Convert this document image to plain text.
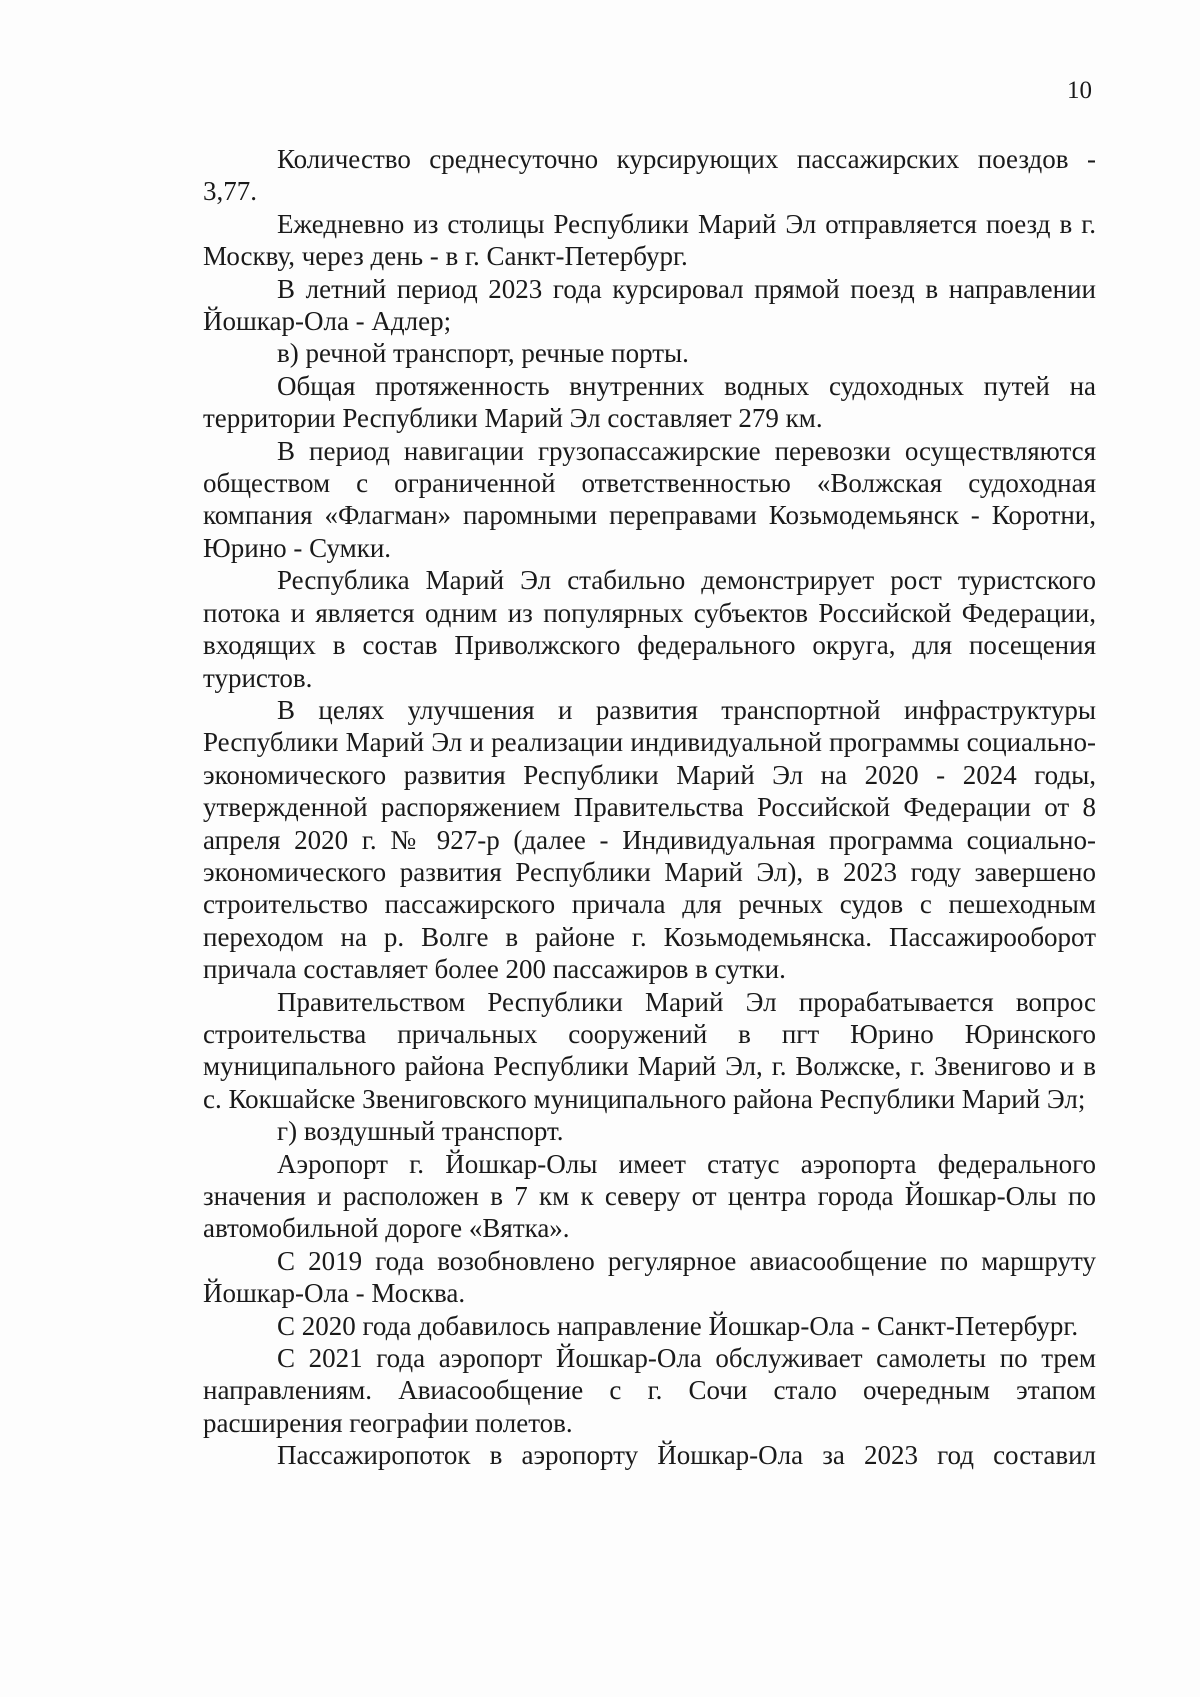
10

Количество среднесуточно курсирующих пассажирских поездов - 3,77.

Ежедневно из столицы Республики Марий Эл отправляется поезд в г. Москву, через день - в г. Санкт-Петербург.

В летний период 2023 года курсировал прямой поезд в направлении Йошкар-Ола - Адлер;

в) речной транспорт, речные порты.

Общая протяженность внутренних водных судоходных путей на территории Республики Марий Эл составляет 279 км.

В период навигации грузопассажирские перевозки осуществляются обществом с ограниченной ответственностью «Волжская судоходная компания «Флагман» паромными переправами Козьмодемьянск - Коротни, Юрино - Сумки.

Республика Марий Эл стабильно демонстрирует рост туристского потока и является одним из популярных субъектов Российской Федерации, входящих в состав Приволжского федерального округа, для посещения туристов.

В целях улучшения и развития транспортной инфраструктуры Республики Марий Эл и реализации индивидуальной программы социально-экономического развития Республики Марий Эл на 2020 - 2024 годы, утвержденной распоряжением Правительства Российской Федерации от 8 апреля 2020 г. № 927-р (далее - Индивидуальная программа социально-экономического развития Республики Марий Эл), в 2023 году завершено строительство пассажирского причала для речных судов с пешеходным переходом на р. Волге в районе г. Козьмодемьянска. Пассажирооборот причала составляет более 200 пассажиров в сутки.

Правительством Республики Марий Эл прорабатывается вопрос строительства причальных сооружений в пгт Юрино Юринского муниципального района Республики Марий Эл, г. Волжске, г. Звенигово и в с. Кокшайске Звениговского муниципального района Республики Марий Эл;

г) воздушный транспорт.

Аэропорт г. Йошкар-Олы имеет статус аэропорта федерального значения и расположен в 7 км к северу от центра города Йошкар-Олы по автомобильной дороге «Вятка».

С 2019 года возобновлено регулярное авиасообщение по маршруту Йошкар-Ола - Москва.

С 2020 года добавилось направление Йошкар-Ола - Санкт-Петербург.

С 2021 года аэропорт Йошкар-Ола обслуживает самолеты по трем направлениям. Авиасообщение с г. Сочи стало очередным этапом расширения географии полетов.

Пассажиропоток в аэропорту Йошкар-Ола за 2023 год составил
